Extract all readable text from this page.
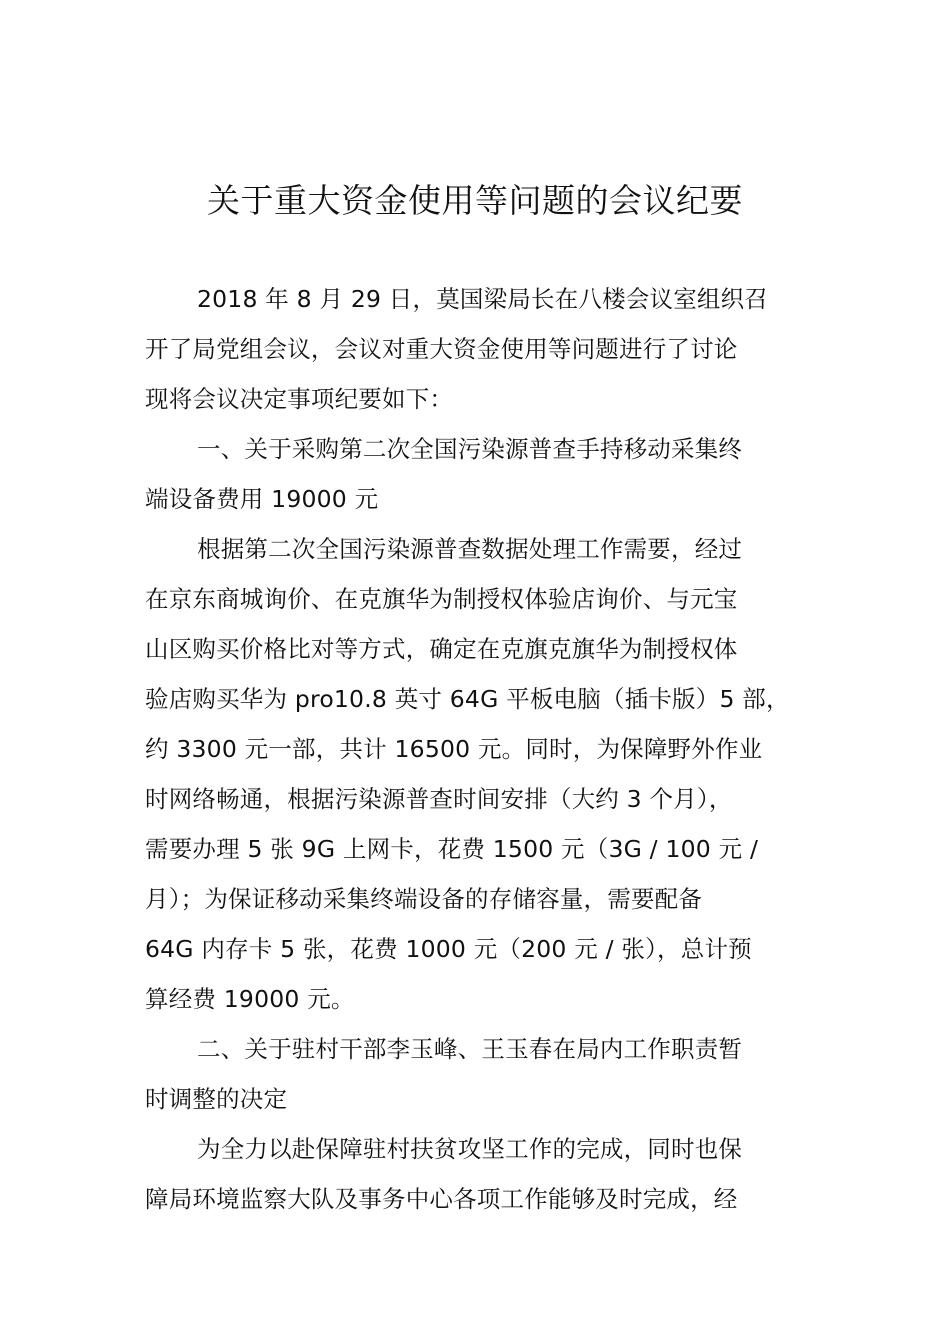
关于重大资金使用等问题的会议纪要
2018 年 8 月 29 日，莫国梁局长在八楼会议室组织召
开了局党组会议，会议对重大资金使用等问题进行了讨论
现将会议决定事项纪要如下：
一、关于采购第二次全国污染源普查手持移动采集终
端设备费用 19000 元
根据第二次全国污染源普查数据处理工作需要，经过
在京东商城询价、在克旗华为制授权体验店询价、与元宝
山区购买价格比对等方式，确定在克旗克旗华为制授权体
验店购买华为 pro10.8 英寸 64G 平板电脑（插卡版）5 部，
约 3300 元一部，共计 16500 元。同时，为保障野外作业
时网络畅通，根据污染源普查时间安排（大约 3 个月），
需要办理 5 张 9G 上网卡，花费 1500 元（3G / 100 元 /
月）；为保证移动采集终端设备的存储容量，需要配备
64G 内存卡 5 张，花费 1000 元（200 元 / 张），总计预
算经费 19000 元。
二、关于驻村干部李玉峰、王玉春在局内工作职责暂
时调整的决定
为全力以赴保障驻村扶贫攻坚工作的完成，同时也保
障局环境监察大队及事务中心各项工作能够及时完成，经
